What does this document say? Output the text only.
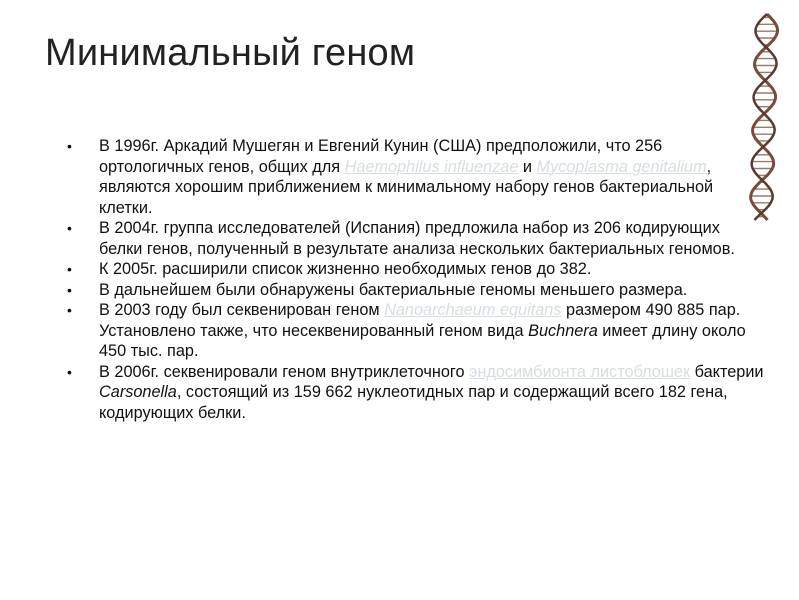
Минимальный геном
• В 1996г. Аркадий Мушегян и Евгений Кунин (США) предположили, что 256 ортологичных генов, общих для Haemophilus influenzae и Mycoplasma genitalium, являются хорошим приближением к минимальному набору генов бактериальной клетки.
• В 2004г. группа исследователей (Испания) предложила набор из 206 кодирующих белки генов, полученный в результате анализа нескольких бактериальных геномов.
• К 2005г. расширили список жизненно необходимых генов до 382.
• В дальнейшем были обнаружены бактериальные геномы меньшего размера.
• В 2003 году был секвенирован геном Nanoarchaeum equitans размером 490 885 пар. Установлено также, что несеквенированный геном вида Buchnera имеет длину около 450 тыс. пар.
• В 2006г. секвенировали геном внутриклеточного эндосимбионта листоблошек бактерии Carsonella, состоящий из 159 662 нуклеотидных пар и содержащий всего 182 гена, кодирующих белки.
